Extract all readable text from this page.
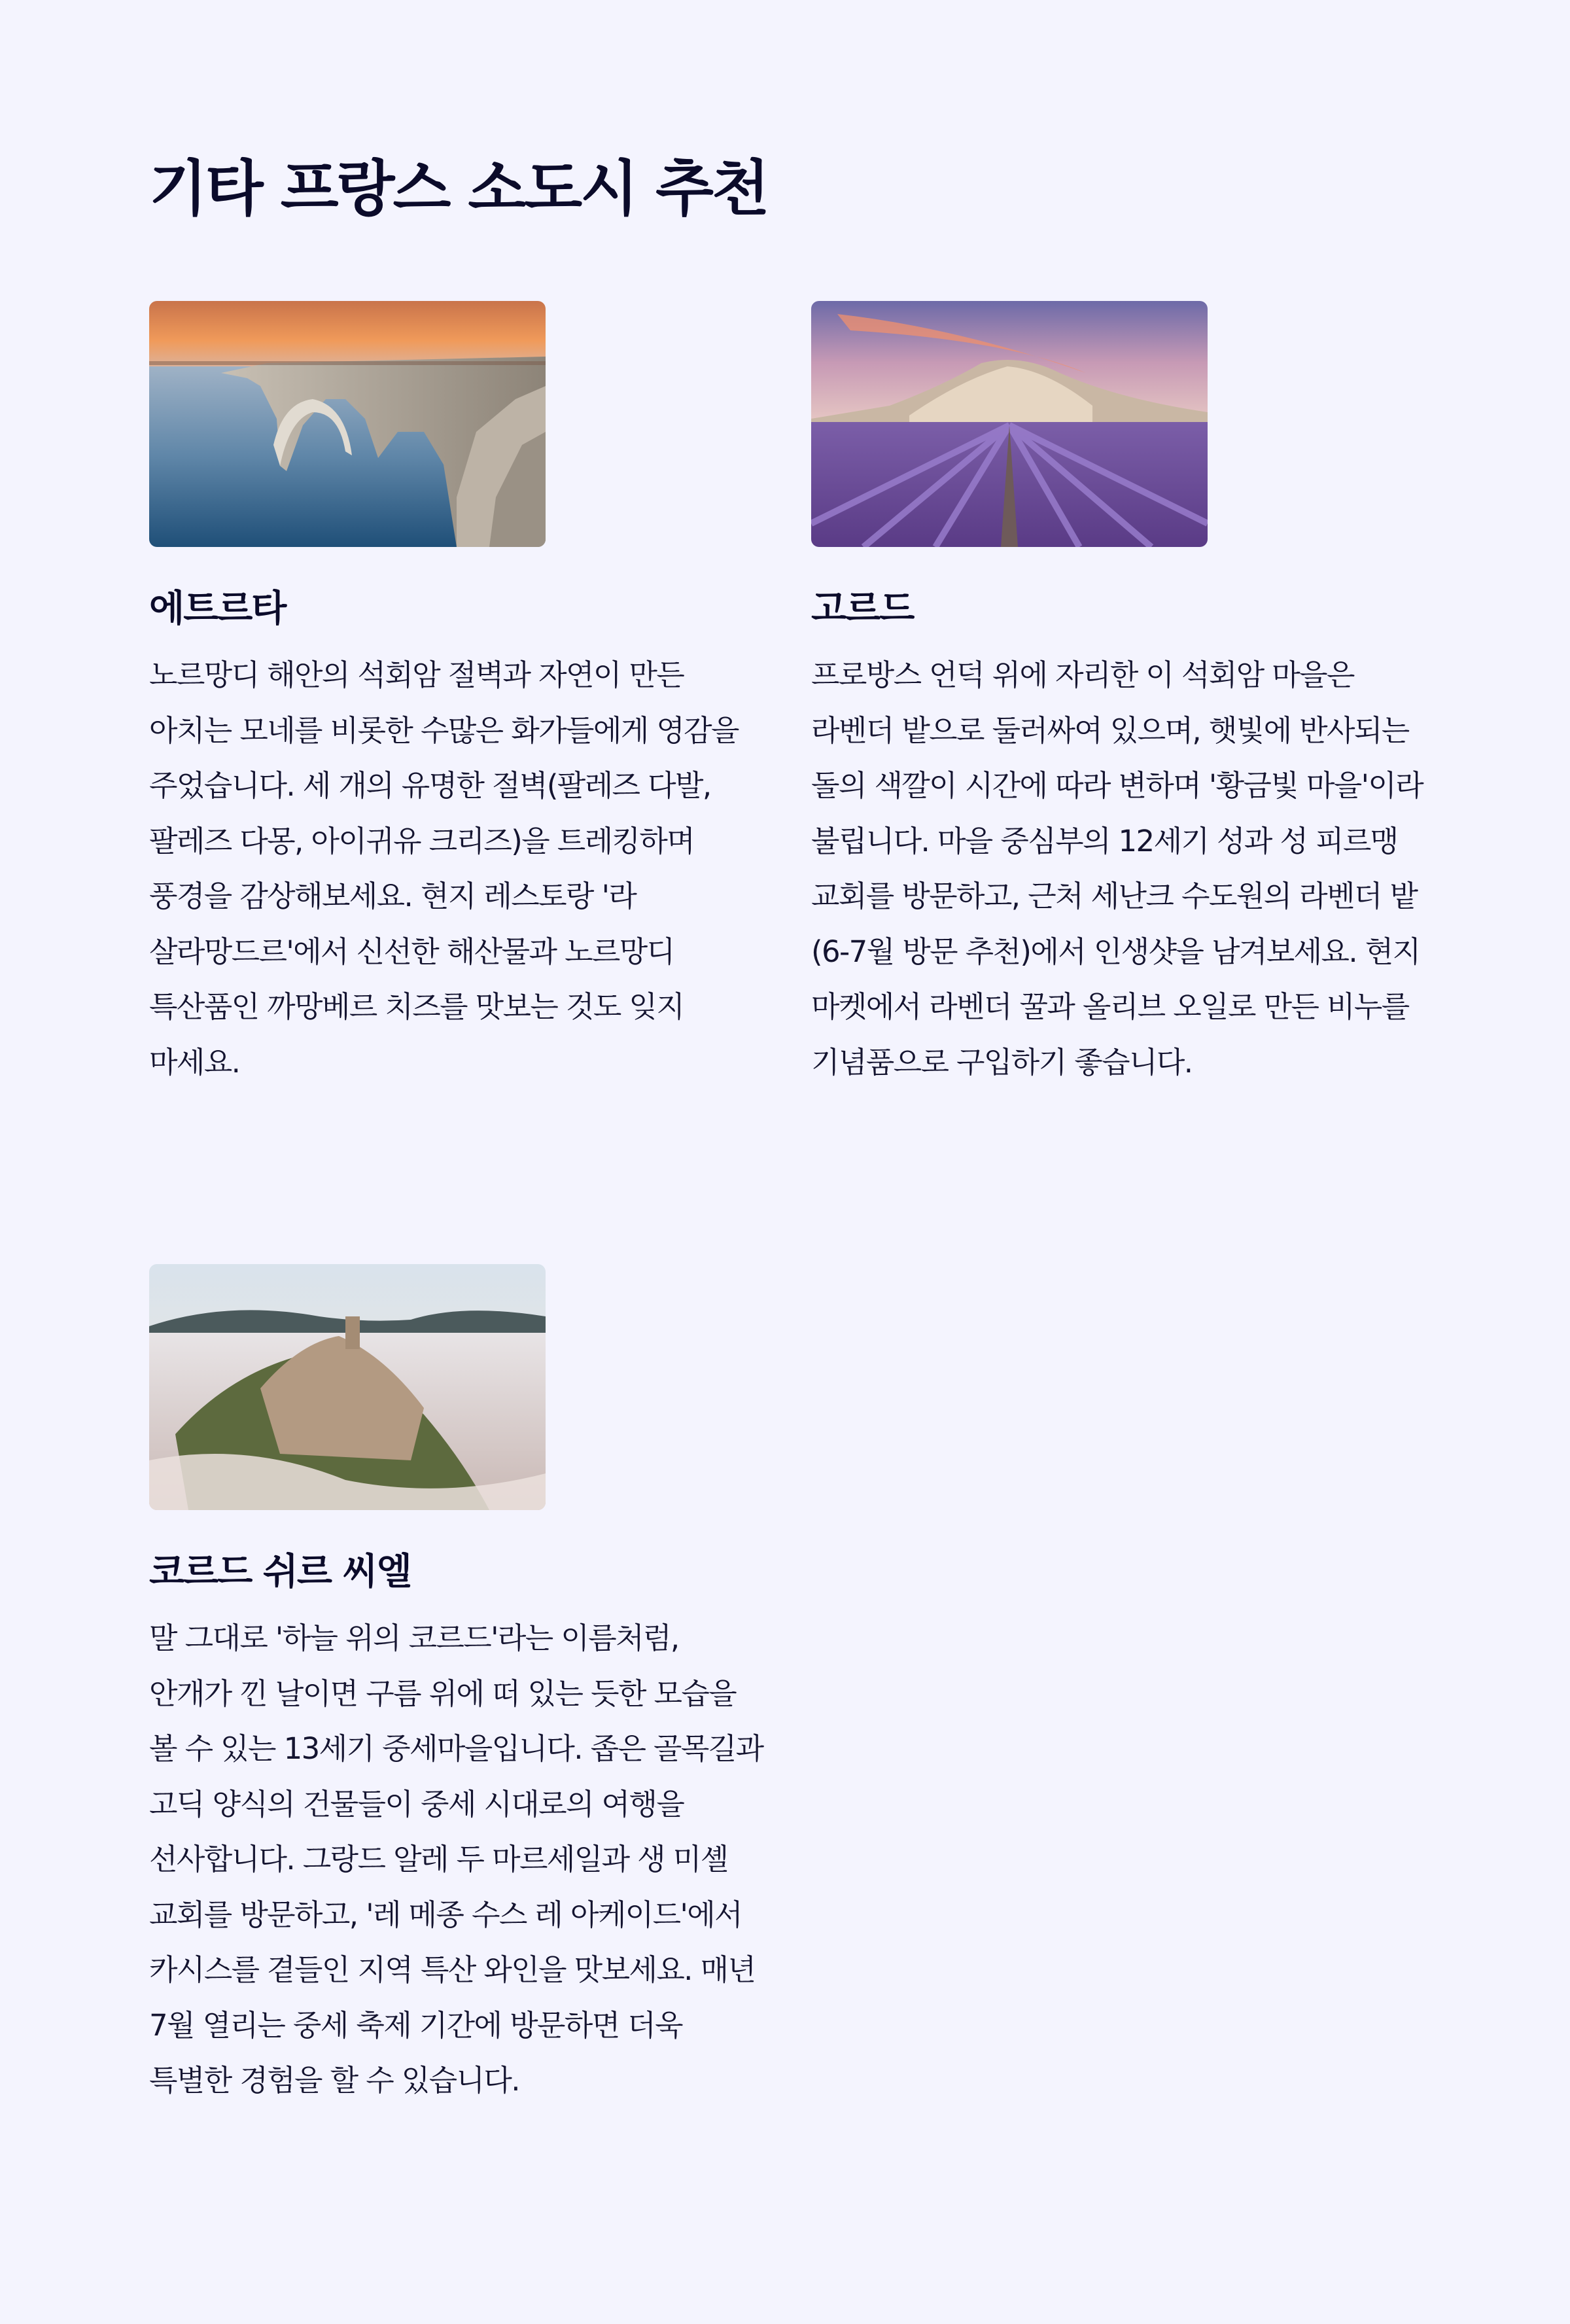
기타 프랑스 소도시 추천
에트르타

노르망디 해안의 석회암 절벽과 자연이 만든 아치는 모네를 비롯한 수많은 화가들에게 영감을 주었습니다. 세 개의 유명한 절벽(팔레즈 다발, 팔레즈 다몽, 아이귀유 크리즈)을 트레킹하며 풍경을 감상해보세요. 현지 레스토랑 '라 살라망드르'에서 신선한 해산물과 노르망디 특산품인 까망베르 치즈를 맛보는 것도 잊지 마세요.

고르드

프로방스 언덕 위에 자리한 이 석회암 마을은 라벤더 밭으로 둘러싸여 있으며, 햇빛에 반사되는 돌의 색깔이 시간에 따라 변하며 '황금빛 마을'이라 불립니다. 마을 중심부의 12세기 성과 성 피르맹 교회를 방문하고, 근처 세난크 수도원의 라벤더 밭(6-7월 방문 추천)에서 인생샷을 남겨보세요. 현지 마켓에서 라벤더 꿀과 올리브 오일로 만든 비누를 기념품으로 구입하기 좋습니다.

코르드 쉬르 씨엘

말 그대로 '하늘 위의 코르드'라는 이름처럼, 안개가 낀 날이면 구름 위에 떠 있는 듯한 모습을 볼 수 있는 13세기 중세마을입니다. 좁은 골목길과 고딕 양식의 건물들이 중세 시대로의 여행을 선사합니다. 그랑드 알레 두 마르세일과 생 미셸 교회를 방문하고, '레 메종 수스 레 아케이드'에서 카시스를 곁들인 지역 특산 와인을 맛보세요. 매년 7월 열리는 중세 축제 기간에 방문하면 더욱 특별한 경험을 할 수 있습니다.
